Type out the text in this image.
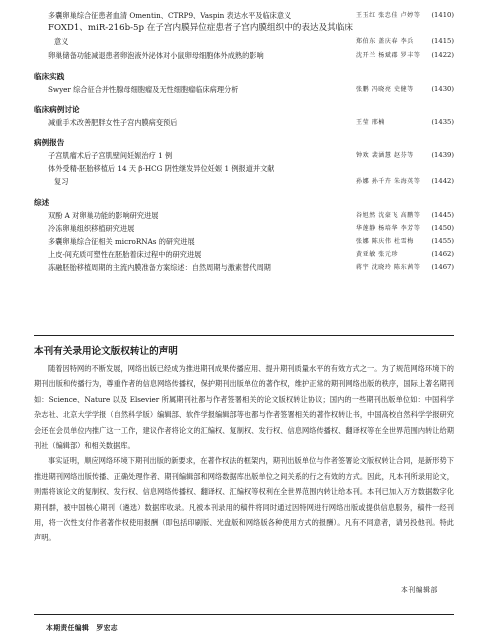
多囊卵巢综合征患者血清 Omentin、CTRP9、Vaspin 表达水平及临床意义	王玉红 张忠佳 卢婷等 (1410)
FOXD1、miR-216b-5p 在子宫内膜异位症患者子宫内膜组织中的表达及其临床
意义	郑伯东 盖庆春 李兵	(1415)
卵巢储备功能减退患者卵泡液外泌体对小鼠卵母细胞体外成熟的影响	沈开兰 杨斌郡 罗丰等 (1422)
临床实践
Swyer 综合征合并性腺母细胞瘤及无性细胞瘤临床病理分析	张鹏 冯晓亮 史健等	(1430)
临床病例讨论
减重手术改善肥胖女性子宫内膜病变预后	王莹 邢楠	(1435)
病例报告
子宫肌瘤术后子宫肌壁间妊娠治疗 1 例	钟欢 裴涵慧 赵芬等	(1439)
体外受精-胚胎移植后 14 天 β-HCG 阴性继发异位妊娠 1 例报道并文献
复习	孙娜 孙千卉 朱海英等 (1442)
综述
双酚 A 对卵巢功能的影响研究进展	谷旭然 沈豪飞 高鹏等 (1445)
冷冻卵巢组织移植研究进展	华莲静 杨培华 李芳等 (1450)
多囊卵巢综合征相关 microRNAs 的研究进展	张娜 陈庆伟 杜雪梅	(1455)
上皮-间充质可塑性在胚胎着床过程中的研究进展	黄亚敏 张元珍	(1462)
冻融胚胎移植周期的主流内膜准备方案综述：自然周期与激素替代周期	蒋宇 沈晓玲 陈东茜等 (1467)
本刊有关录用论文版权转让的声明

随着因特网的不断发展，网络出版已经成为推进期刊成果传播应用、提升期刊质量水平的有效方式之一。为了规范网络环境下的期刊出版和传播行为，尊重作者的信息网络传播权，保护期刊出版单位的著作权，维护正常的期刊网络出版的秩序，国际上著名期刊如：Science、Nature 以及 Elsevier 所属期刊社都与作者签署相关的论文版权转让协议；国内的一些期刊出版单位如：中国科学杂志社、北京大学学报（自然科学版）编辑部、软件学报编辑部等也都与作者签署相关的著作权转让书，中国高校自然科学学报研究会还在会员单位内推广这一工作，建议作者将论文的汇编权、复制权、发行权、信息网络传播权、翻译权等在全世界范围内转让给期刊社（编辑部）和相关数据库。

事实证明，顺应网络环境下期刊出版的新要求，在著作权法的框架内，期刊出版单位与作者签署论文版权转让合同，是新形势下推进期刊网络出版传播、正确处理作者、期刊编辑部和网络数据库出版单位之间关系的行之有效的方式。因此，凡本刊所录用论文，则需将该论文的复制权、发行权、信息网络传播权、翻译权、汇编权等权利在全世界范围内转让给本刊。本刊已加入万方数据数字化期刊群，被中国核心期刊（遴选）数据库收录。凡被本刊录用的稿件将同时通过因特网进行网络出版或提供信息服务，稿件一经刊用，将一次性支付作者著作权使用报酬（即包括印刷版、光盘版和网络版各种使用方式的报酬）。凡有不同意者，请另投他刊。特此声明。

本刊编辑部
本期责任编辑　罗宏志
